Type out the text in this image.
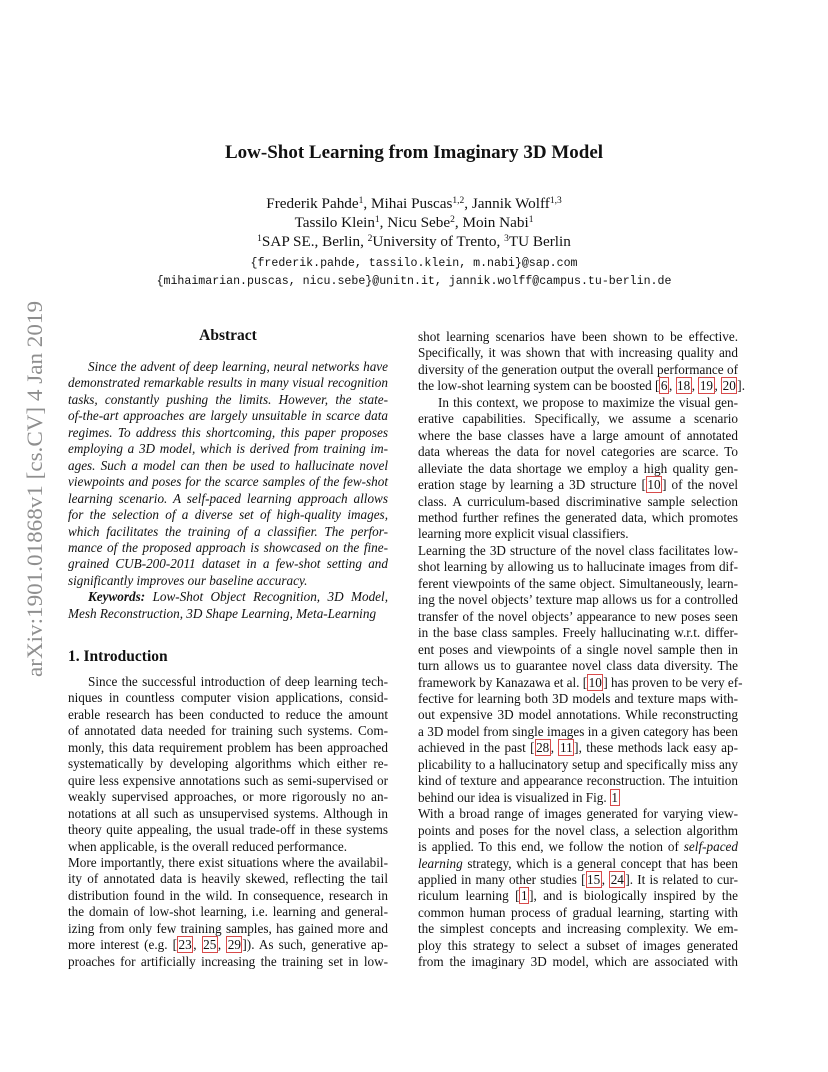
arXiv:1901.01868v1 [cs.CV] 4 Jan 2019
Low-Shot Learning from Imaginary 3D Model
Frederik Pahde$^1$, Mihai Puscas$^{1,2}$, Jannik Wolff$^{1,3}$
Tassilo Klein$^1$, Nicu Sebe$^2$, Moin Nabi$^1$
$^1$SAP SE., Berlin, $^2$University of Trento, $^3$TU Berlin
{frederik.pahde, tassilo.klein, m.nabi}@sap.com
{mihaimarian.puscas, nicu.sebe}@unitn.it, jannik.wolff@campus.tu-berlin.de
Abstract
Since the advent of deep learning, neural networks have
demonstrated remarkable results in many visual recognition
tasks, constantly pushing the limits. However, the state-
of-the-art approaches are largely unsuitable in scarce data
regimes. To address this shortcoming, this paper proposes
employing a 3D model, which is derived from training im-
ages. Such a model can then be used to hallucinate novel
viewpoints and poses for the scarce samples of the few-shot
learning scenario. A self-paced learning approach allows
for the selection of a diverse set of high-quality images,
which facilitates the training of a classifier. The perfor-
mance of the proposed approach is showcased on the fine-
grained CUB-200-2011 dataset in a few-shot setting and
significantly improves our baseline accuracy.
Keywords: Low-Shot Object Recognition, 3D Model,
Mesh Reconstruction, 3D Shape Learning, Meta-Learning
1. Introduction
Since the successful introduction of deep learning tech-
niques in countless computer vision applications, consid-
erable research has been conducted to reduce the amount
of annotated data needed for training such systems. Com-
monly, this data requirement problem has been approached
systematically by developing algorithms which either re-
quire less expensive annotations such as semi-supervised or
weakly supervised approaches, or more rigorously no an-
notations at all such as unsupervised systems. Although in
theory quite appealing, the usual trade-off in these systems
when applicable, is the overall reduced performance.
More importantly, there exist situations where the availabil-
ity of annotated data is heavily skewed, reflecting the tail
distribution found in the wild. In consequence, research in
the domain of low-shot learning, i.e. learning and general-
izing from only few training samples, has gained more and
more interest (e.g. [ 23 , 25 , 29 ]). As such, generative ap-
proaches for artificially increasing the training set in low-
shot learning scenarios have been shown to be effective.
Specifically, it was shown that with increasing quality and
diversity of the generation output the overall performance of
the low-shot learning system can be boosted [ 6 , 18 , 19 , 20 ].
In this context, we propose to maximize the visual gen-
erative capabilities. Specifically, we assume a scenario
where the base classes have a large amount of annotated
data whereas the data for novel categories are scarce. To
alleviate the data shortage we employ a high quality gen-
eration stage by learning a 3D structure [ 10 ] of the novel
class. A curriculum-based discriminative sample selection
method further refines the generated data, which promotes
learning more explicit visual classifiers.
Learning the 3D structure of the novel class facilitates low-
shot learning by allowing us to hallucinate images from dif-
ferent viewpoints of the same object. Simultaneously, learn-
ing the novel objects’ texture map allows us for a controlled
transfer of the novel objects’ appearance to new poses seen
in the base class samples. Freely hallucinating w.r.t. differ-
ent poses and viewpoints of a single novel sample then in
turn allows us to guarantee novel class data diversity. The
framework by Kanazawa et al. [ 10 ] has proven to be very ef-
fective for learning both 3D models and texture maps with-
out expensive 3D model annotations. While reconstructing
a 3D model from single images in a given category has been
achieved in the past [ 28 , 11 ], these methods lack easy ap-
plicability to a hallucinatory setup and specifically miss any
kind of texture and appearance reconstruction. The intuition
behind our idea is visualized in Fig. 1
With a broad range of images generated for varying view-
points and poses for the novel class, a selection algorithm
is applied. To this end, we follow the notion of self-paced
learning strategy, which is a general concept that has been
applied in many other studies [ 15 , 24 ]. It is related to cur-
riculum learning [ 1 ], and is biologically inspired by the
common human process of gradual learning, starting with
the simplest concepts and increasing complexity. We em-
ploy this strategy to select a subset of images generated
from the imaginary 3D model, which are associated with
